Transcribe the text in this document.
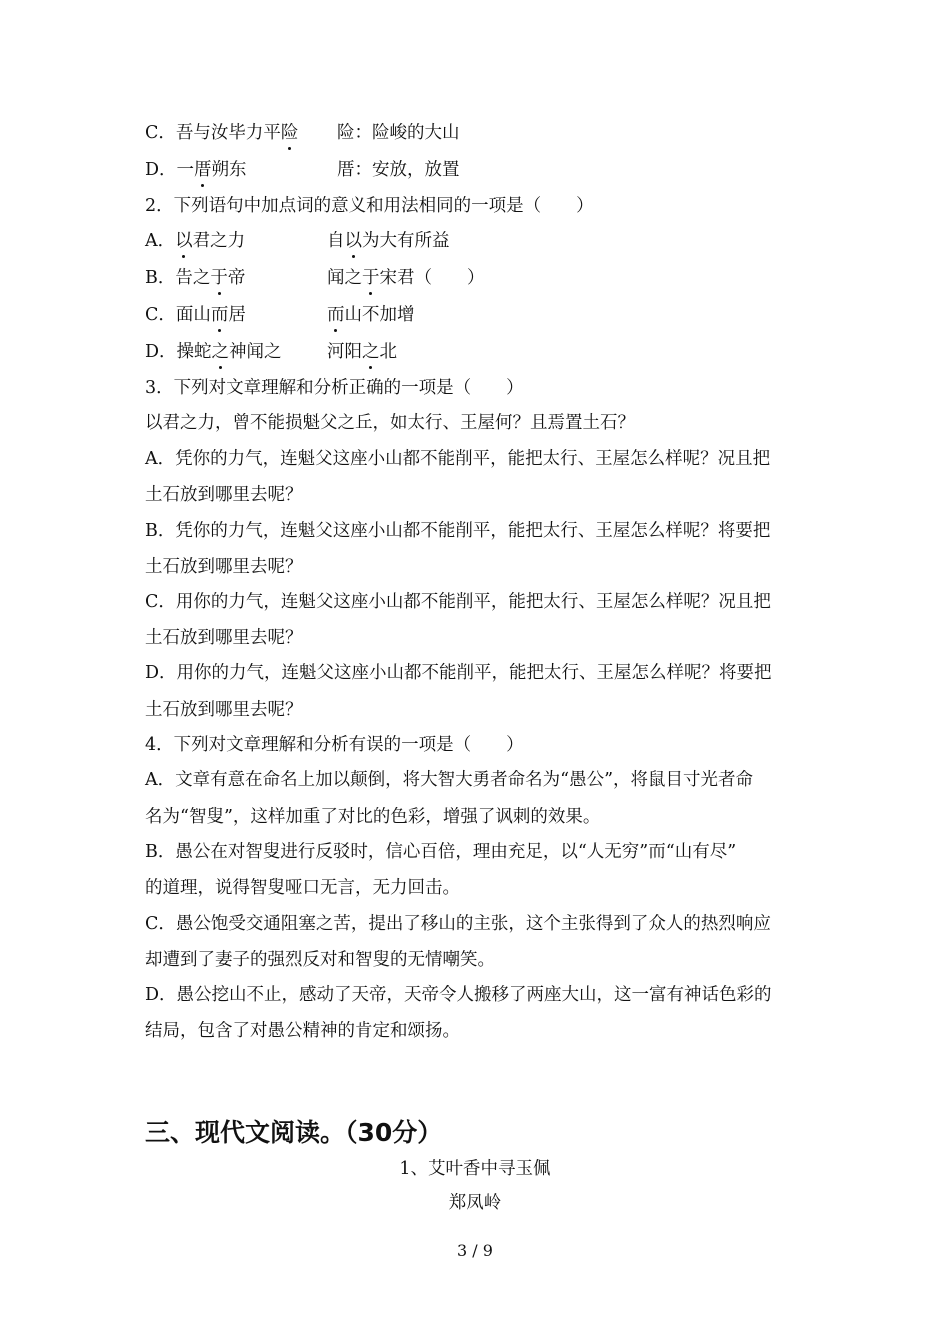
C．吾与汝毕力平险 险：险峻的大山
D．一厝朔东	厝：安放，放置
2．下列语句中加点词的意义和用法相同的一项是（　　）
A．以君之力	自以为大有所益
B．告之于帝	闻之于宋君（　　）
C．面山而居	而山不加增
D．操蛇之神闻之	河阳之北
3．下列对文章理解和分析正确的一项是（　　）
以君之力，曾不能损魁父之丘，如太行、王屋何？且焉置土石？
A．凭你的力气，连魁父这座小山都不能削平，能把太行、王屋怎么样呢？况且把
土石放到哪里去呢？
B．凭你的力气，连魁父这座小山都不能削平，能把太行、王屋怎么样呢？将要把
土石放到哪里去呢？
C．用你的力气，连魁父这座小山都不能削平，能把太行、王屋怎么样呢？况且把
土石放到哪里去呢？
D．用你的力气，连魁父这座小山都不能削平，能把太行、王屋怎么样呢？将要把
土石放到哪里去呢？
4．下列对文章理解和分析有误的一项是（　　）
A．文章有意在命名上加以颠倒，将大智大勇者命名为“愚公”，将鼠目寸光者命
名为“智叟”，这样加重了对比的色彩，增强了讽刺的效果。
B．愚公在对智叟进行反驳时，信心百倍，理由充足，以“人无穷”而“山有尽”
的道理，说得智叟哑口无言，无力回击。
C．愚公饱受交通阻塞之苦，提出了移山的主张，这个主张得到了众人的热烈响应
却遭到了妻子的强烈反对和智叟的无情嘲笑。
D．愚公挖山不止，感动了天帝，天帝令人搬移了两座大山，这一富有神话色彩的
结局，包含了对愚公精神的肯定和颂扬。
三、现代文阅读。（30分）
1、艾叶香中寻玉佩
郑凤岭
3 / 9
